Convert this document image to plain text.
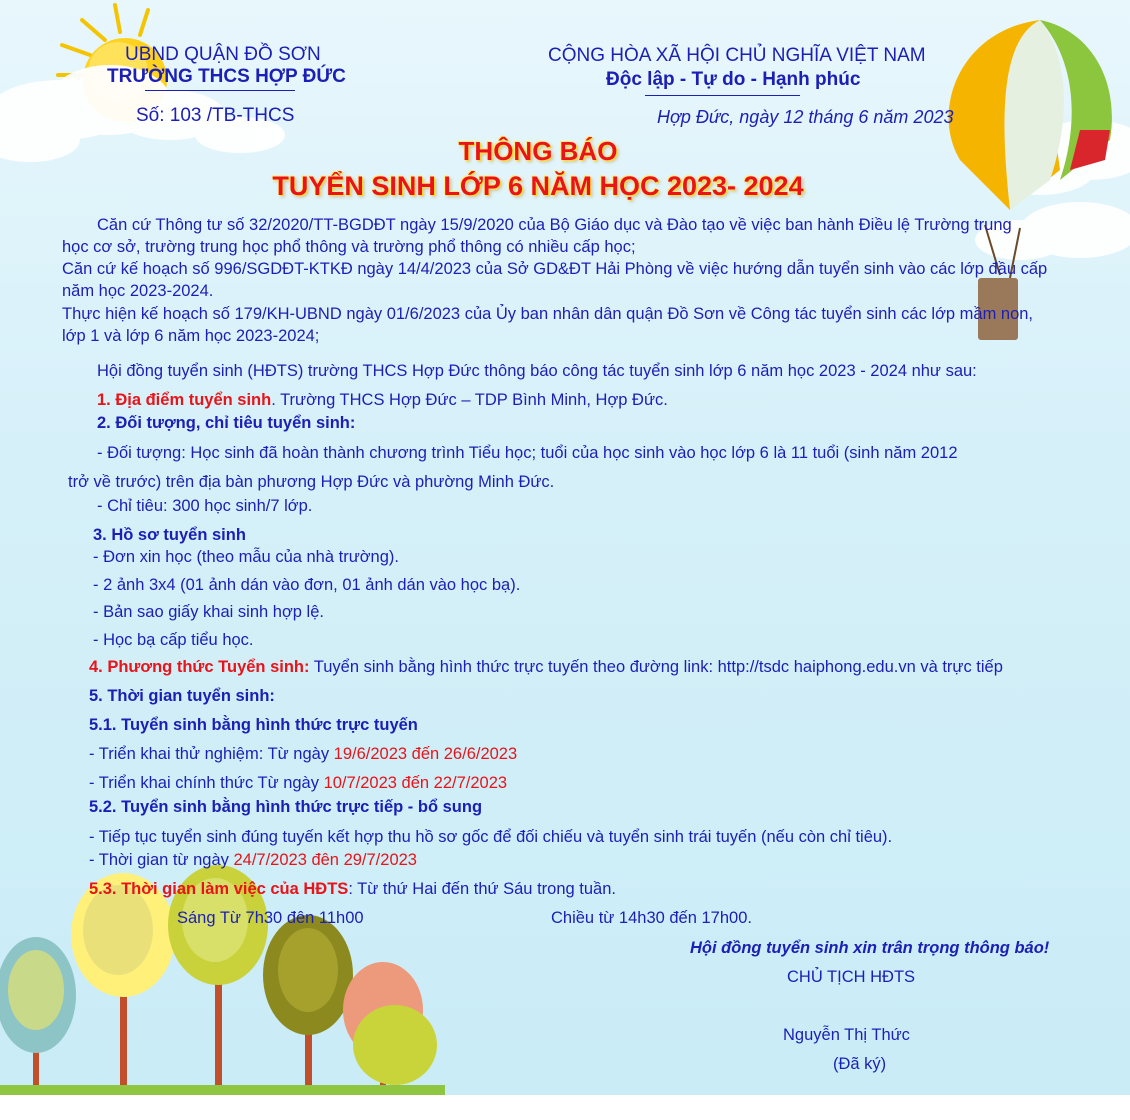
UBND QUẬN ĐỒ SƠN
TRƯỜNG THCS HỢP ĐỨC
Số: 103 /TB-THCS
CỘNG HÒA XÃ HỘI CHỦ NGHĨA VIỆT NAM
Độc lập - Tự do - Hạnh phúc
Hợp Đức, ngày 12 tháng 6 năm 2023
THÔNG BÁO
TUYỂN SINH LỚP 6 NĂM HỌC 2023- 2024
Căn cứ Thông tư số 32/2020/TT-BGDĐT ngày 15/9/2020 của Bộ Giáo dục và Đào tạo về việc ban hành Điều lệ Trường trung
học cơ sở, trường trung học phổ thông và trường phổ thông có nhiều cấp học;
Căn cứ kế hoạch số 996/SGDĐT-KTKĐ ngày 14/4/2023 của Sở GD&ĐT Hải Phòng về việc hướng dẫn tuyển sinh vào các lớp đầu cấp
năm học 2023-2024.
Thực hiện kế hoạch số 179/KH-UBND ngày 01/6/2023 của Ủy ban nhân dân quận Đồ Sơn về Công tác tuyển sinh các lớp mầm non,
lớp 1 và lớp 6 năm học 2023-2024;
Hội đồng tuyển sinh (HĐTS) trường THCS Hợp Đức thông báo công tác tuyển sinh lớp 6 năm học 2023 - 2024 như sau:
1. Địa điểm tuyển sinh. Trường THCS Hợp Đức – TDP Bình Minh, Hợp Đức.
2. Đối tượng, chỉ tiêu tuyển sinh:
- Đối tượng: Học sinh đã hoàn thành chương trình Tiểu học; tuổi của học sinh vào học lớp 6 là 11 tuổi (sinh năm 2012
trở về trước) trên địa bàn phương Hợp Đức và phường Minh Đức.
- Chỉ tiêu: 300 học sinh/7 lớp.
3. Hồ sơ tuyển sinh
- Đơn xin học (theo mẫu của nhà trường).
- 2 ảnh 3x4 (01 ảnh dán vào đơn, 01 ảnh dán vào học bạ).
- Bản sao giấy khai sinh hợp lệ.
- Học bạ cấp tiểu học.
4. Phương thức Tuyển sinh: Tuyển sinh bằng hình thức trực tuyến theo đường link: http://tsdc haiphong.edu.vn và trực tiếp
5. Thời gian tuyển sinh:
5.1. Tuyển sinh bằng hình thức trực tuyến
- Triển khai thử nghiệm: Từ ngày 19/6/2023 đến 26/6/2023
- Triển khai chính thức Từ ngày 10/7/2023 đến 22/7/2023
5.2. Tuyển sinh bằng hình thức trực tiếp - bổ sung
- Tiếp tục tuyển sinh đúng tuyến kết hợp thu hồ sơ gốc để đối chiếu và tuyển sinh trái tuyến (nếu còn chỉ tiêu).
- Thời gian từ ngày 24/7/2023 đên 29/7/2023
5.3. Thời gian làm việc của HĐTS: Từ thứ Hai đến thứ Sáu trong tuần.
Sáng Từ 7h30 đên 11h00	Chiều từ 14h30 đến 17h00.
Hội đồng tuyển sinh xin trân trọng thông báo!
CHỦ TỊCH HĐTS
Nguyễn Thị Thức
(Đã ký)
